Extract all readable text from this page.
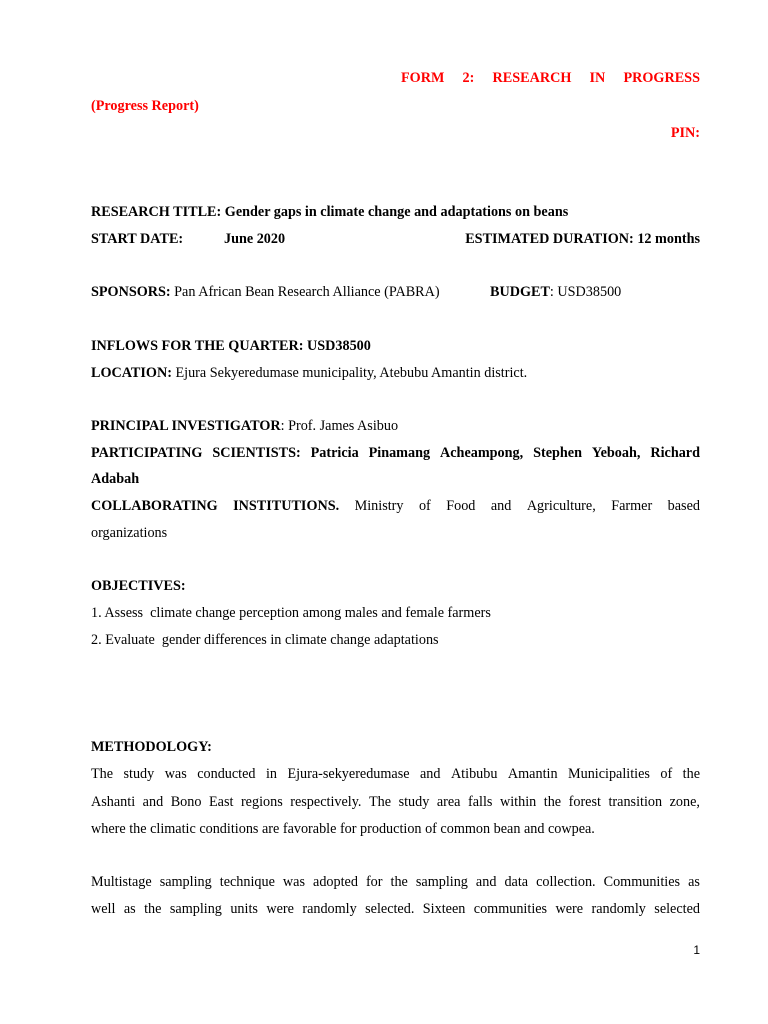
FORM 2: RESEARCH IN PROGRESS
(Progress Report)
PIN:
RESEARCH TITLE: Gender gaps in climate change and adaptations on beans
START DATE:	June 2020	ESTIMATED DURATION: 12 months
SPONSORS: Pan African Bean Research Alliance (PABRA)	BUDGET: USD38500
INFLOWS FOR THE QUARTER: USD38500
LOCATION: Ejura Sekyeredumase municipality, Atebubu Amantin district.
PRINCIPAL INVESTIGATOR: Prof. James Asibuo
PARTICIPATING SCIENTISTS: Patricia Pinamang Acheampong, Stephen Yeboah, Richard
Adabah
COLLABORATING INSTITUTIONS. Ministry of Food and Agriculture, Farmer based
organizations
OBJECTIVES:
1. Assess  climate change perception among males and female farmers
2. Evaluate  gender differences in climate change adaptations
METHODOLOGY:
The study was conducted in Ejura-sekyeredumase and Atibubu Amantin Municipalities of the
Ashanti and Bono East regions respectively. The study area falls within the forest transition zone,
where the climatic conditions are favorable for production of common bean and cowpea.
Multistage sampling technique was adopted for the sampling and data collection. Communities as
well as the sampling units were randomly selected. Sixteen communities were randomly selected
1
